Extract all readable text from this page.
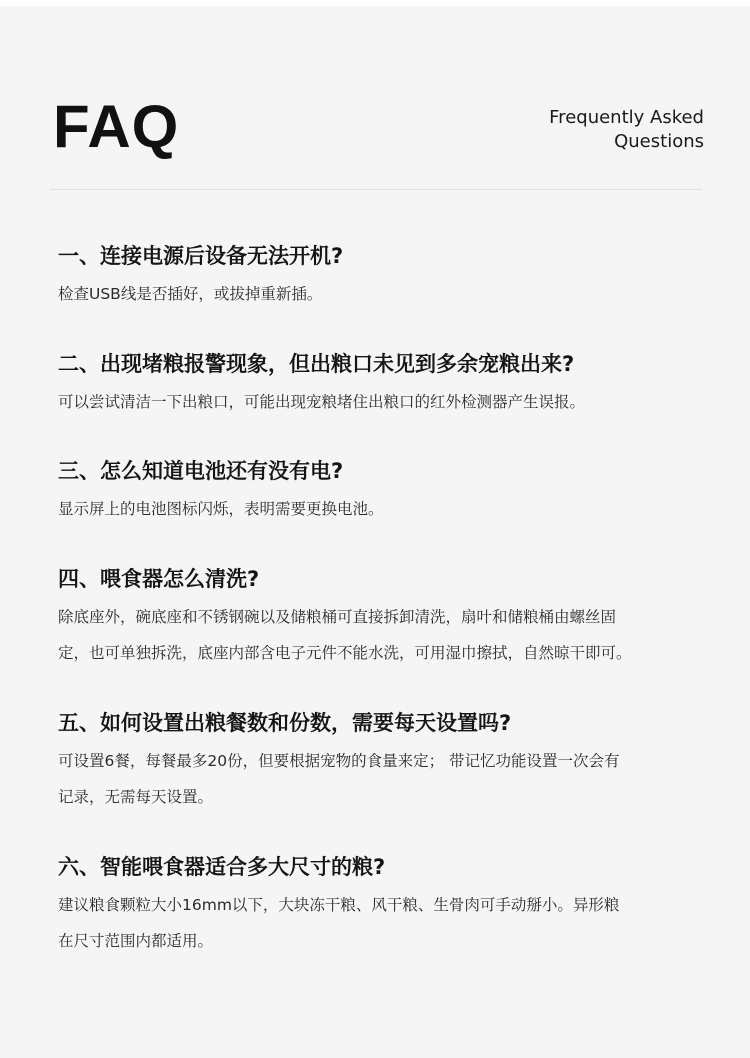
FAQ	Frequently Asked
Questions

一、连接电源后设备无法开机?

检查USB线是否插好，或拔掉重新插。

二、出现堵粮报警现象，但出粮口未见到多余宠粮出来?

可以尝试清洁一下出粮口，可能出现宠粮堵住出粮口的红外检测器产生误报。

三、怎么知道电池还有没有电?

显示屏上的电池图标闪烁，表明需要更换电池。

四、喂食器怎么清洗?

除底座外，碗底座和不锈钢碗以及储粮桶可直接拆卸清洗，扇叶和储粮桶由螺丝固
定，也可单独拆洗，底座内部含电子元件不能水洗，可用湿巾擦拭，自然晾干即可。

五、如何设置出粮餐数和份数，需要每天设置吗?

可设置6餐，每餐最多20份，但要根据宠物的食量来定； 带记忆功能设置一次会有
记录，无需每天设置。

六、智能喂食器适合多大尺寸的粮?

建议粮食颗粒大小16mm以下，大块冻干粮、风干粮、生骨肉可手动掰小。异形粮
在尺寸范围内都适用。
